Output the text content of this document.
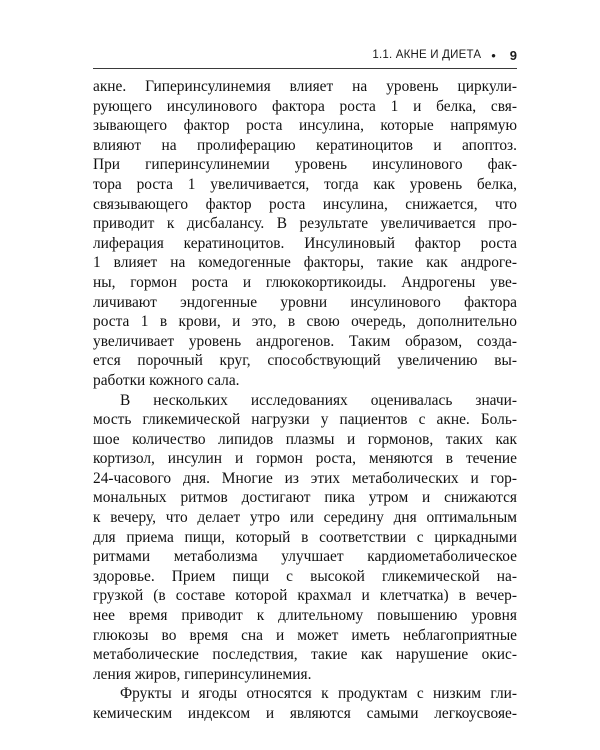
1.1. АКНЕ И ДИЕТА • 9
акне. Гиперинсулинемия влияет на уровень циркули-
рующего инсулинового фактора роста 1 и белка, свя-
зывающего фактор роста инсулина, которые напрямую
влияют на пролиферацию кератиноцитов и апоптоз.
При гиперинсулинемии уровень инсулинового фак-
тора роста 1 увеличивается, тогда как уровень белка,
связывающего фактор роста инсулина, снижается, что
приводит к дисбалансу. В результате увеличивается про-
лиферация кератиноцитов. Инсулиновый фактор роста
1 влияет на комедогенные факторы, такие как андроге-
ны, гормон роста и глюкокортикоиды. Андрогены уве-
личивают эндогенные уровни инсулинового фактора
роста 1 в крови, и это, в свою очередь, дополнительно
увеличивает уровень андрогенов. Таким образом, созда-
ется порочный круг, способствующий увеличению вы-
работки кожного сала.
В нескольких исследованиях оценивалась значи-
мость гликемической нагрузки у пациентов с акне. Боль-
шое количество липидов плазмы и гормонов, таких как
кортизол, инсулин и гормон роста, меняются в течение
24-часового дня. Многие из этих метаболических и гор-
мональных ритмов достигают пика утром и снижаются
к вечеру, что делает утро или середину дня оптимальным
для приема пищи, который в соответствии с циркадными
ритмами метаболизма улучшает кардиометаболическое
здоровье. Прием пищи с высокой гликемической на-
грузкой (в составе которой крахмал и клетчатка) в вечер-
нее время приводит к длительному повышению уровня
глюкозы во время сна и может иметь неблагоприятные
метаболические последствия, такие как нарушение окис-
ления жиров, гиперинсулинемия.
Фрукты и ягоды относятся к продуктам с низким гли-
кемическим индексом и являются самыми легкоусвояе-
